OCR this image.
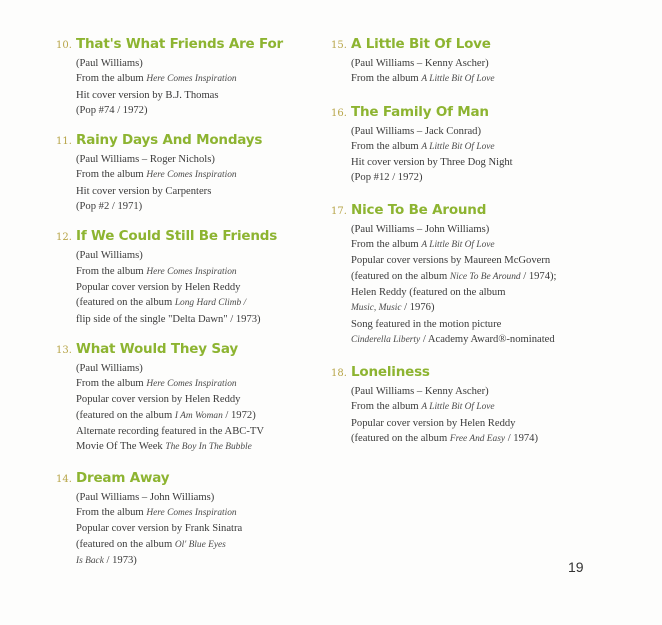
10. That's What Friends Are For
(Paul Williams)
From the album Here Comes Inspiration
Hit cover version by B.J. Thomas
(Pop #74 / 1972)
11. Rainy Days And Mondays
(Paul Williams – Roger Nichols)
From the album Here Comes Inspiration
Hit cover version by Carpenters
(Pop #2 / 1971)
12. If We Could Still Be Friends
(Paul Williams)
From the album Here Comes Inspiration
Popular cover version by Helen Reddy
(featured on the album Long Hard Climb /
flip side of the single "Delta Dawn" / 1973)
13. What Would They Say
(Paul Williams)
From the album Here Comes Inspiration
Popular cover version by Helen Reddy
(featured on the album I Am Woman / 1972)
Alternate recording featured in the ABC-TV
Movie Of The Week The Boy In The Bubble
14. Dream Away
(Paul Williams – John Williams)
From the album Here Comes Inspiration
Popular cover version by Frank Sinatra
(featured on the album Ol' Blue Eyes
Is Back / 1973)
15. A Little Bit Of Love
(Paul Williams – Kenny Ascher)
From the album A Little Bit Of Love
16. The Family Of Man
(Paul Williams – Jack Conrad)
From the album A Little Bit Of Love
Hit cover version by Three Dog Night
(Pop #12 / 1972)
17. Nice To Be Around
(Paul Williams – John Williams)
From the album A Little Bit Of Love
Popular cover versions by Maureen McGovern
(featured on the album Nice To Be Around / 1974);
Helen Reddy (featured on the album
Music, Music / 1976)
Song featured in the motion picture
Cinderella Liberty / Academy Award®-nominated
18. Loneliness
(Paul Williams – Kenny Ascher)
From the album A Little Bit Of Love
Popular cover version by Helen Reddy
(featured on the album Free And Easy / 1974)
19
